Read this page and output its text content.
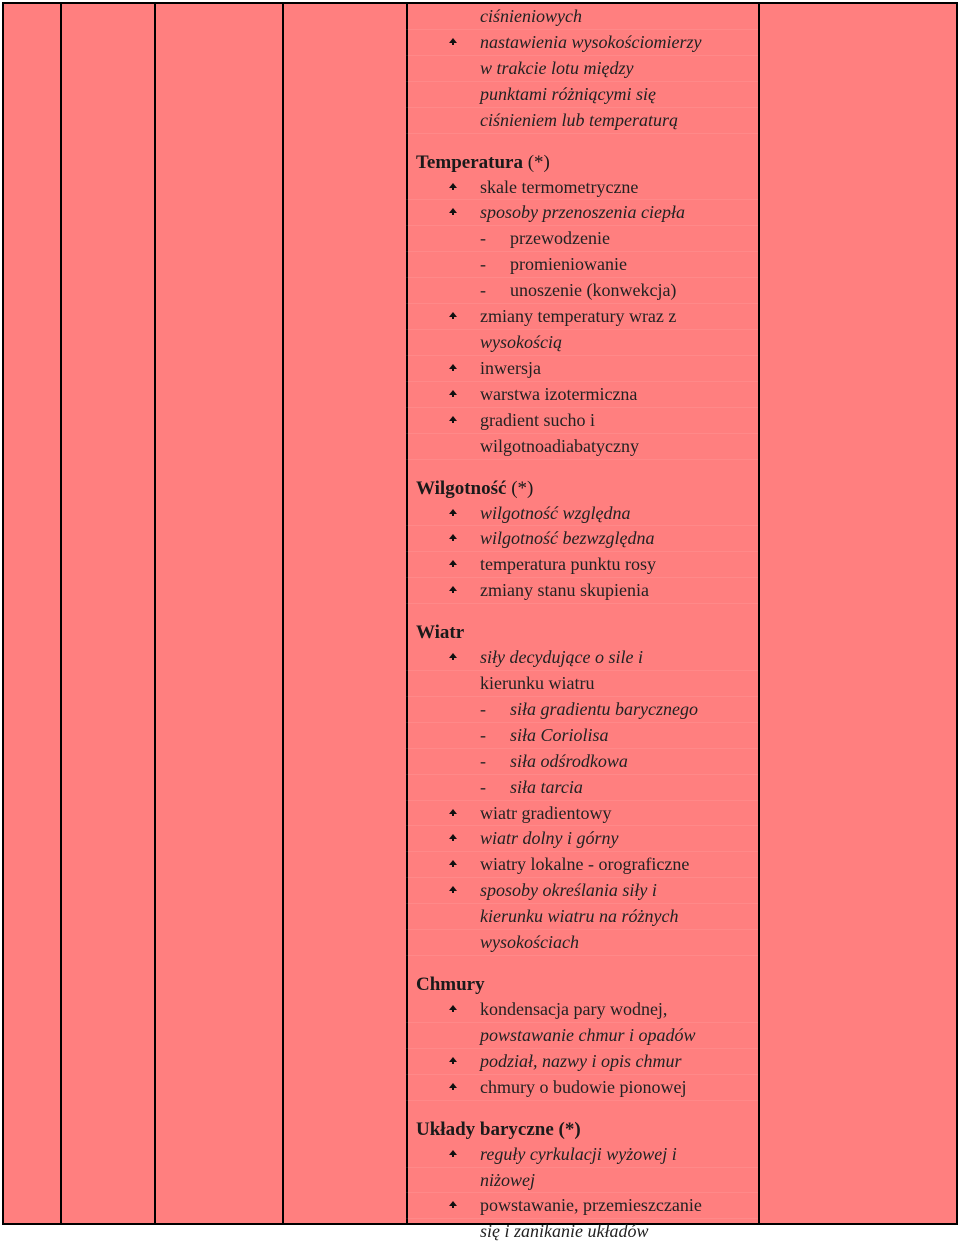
ciśnieniowych
nastawienia wysokościomierzy
w trakcie lotu między
punktami różniącymi się
ciśnieniem lub temperaturą
Temperatura (*)
skale termometryczne
sposoby przenoszenia ciepła
- przewodzenie
- promieniowanie
- unoszenie (konwekcja)
zmiany temperatury wraz z
wysokością
inwersja
warstwa izotermiczna
gradient sucho i
wilgotnoadiabatyczny
Wilgotność (*)
wilgotność względna
wilgotność bezwzględna
temperatura punktu rosy
zmiany stanu skupienia
Wiatr
siły decydujące o sile i
kierunku wiatru
- siła gradientu barycznego
- siła Coriolisa
- siła odśrodkowa
- siła tarcia
wiatr gradientowy
wiatr dolny i górny
wiatry lokalne - orograficzne
sposoby określania siły i
kierunku wiatru na różnych
wysokościach
Chmury
kondensacja pary wodnej,
powstawanie chmur i opadów
podział, nazwy i opis chmur
chmury o budowie pionowej
Układy baryczne (*)
reguły cyrkulacji wyżowej i
niżowej
powstawanie, przemieszczanie
się i zanikanie układów
